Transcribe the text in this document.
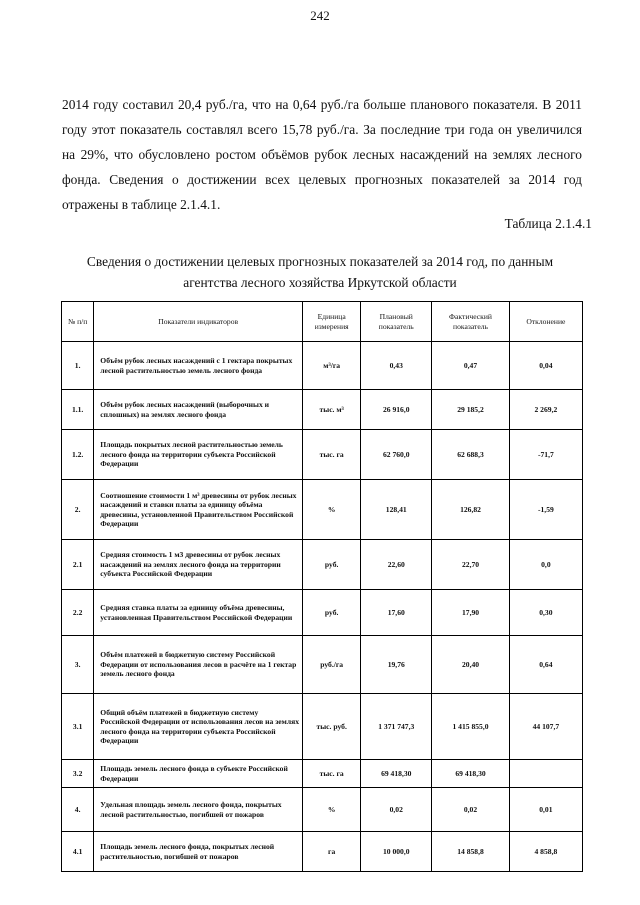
242

2014 году составил 20,4 руб./га, что на 0,64 руб./га больше планового показателя. В 2011 году этот показатель составлял всего 15,78 руб./га. За последние три года он увеличился на 29%, что обусловлено ростом объёмов рубок лесных насаждений на землях лесного фонда. Сведения о достижении всех целевых прогнозных показателей за 2014 год отражены в таблице 2.1.4.1.

Таблица 2.1.4.1
Сведения о достижении целевых прогнозных показателей за 2014 год, по данным
агентства лесного хозяйства Иркутской области
№ п/п	Показатели индикаторов	Единица измерения	Плановый показатель	Фактический показатель	Отклонение
1.	Объём рубок лесных насаждений с 1 гектара покрытых лесной растительностью земель лесного фонда	м³/га	0,43	0,47	0,04
1.1.	Объём рубок лесных насаждений (выборочных и сплошных) на землях лесного фонда	тыс. м³	26 916,0	29 185,2	2 269,2
1.2.	Площадь покрытых лесной растительностью земель лесного фонда на территории субъекта Российской Федерации	тыс. га	62 760,0	62 688,3	-71,7
2.	Соотношение стоимости 1 м³ древесины от рубок лесных насаждений и ставки платы за единицу объёма древесины, установленной Правительством Российской Федерации	%	128,41	126,82	-1,59
2.1	Средняя стоимость 1 м3 древесины от рубок лесных насаждений на землях лесного фонда на территории субъекта Российской Федерации	руб.	22,60	22,70	0,0
2.2	Средняя ставка платы за единицу объёма древесины, установленная Правительством Российской Федерации	руб.	17,60	17,90	0,30
3.	Объём платежей в бюджетную систему Российской Федерации от использования лесов в расчёте на 1 гектар земель лесного фонда	руб./га	19,76	20,40	0,64
3.1	Общий объём платежей в бюджетную систему Российской Федерации от использования лесов на землях лесного фонда на территории субъекта Российской Федерации	тыс. руб.	1 371 747,3	1 415 855,0	44 107,7
3.2	Площадь земель лесного фонда в субъекте Российской Федерации	тыс. га	69 418,30	69 418,30	
4.	Удельная площадь земель лесного фонда, покрытых лесной растительностью, погибшей от пожаров	%	0,02	0,02	0,01
4.1	Площадь земель лесного фонда, покрытых лесной растительностью, погибшей от пожаров	га	10 000,0	14 858,8	4 858,8
